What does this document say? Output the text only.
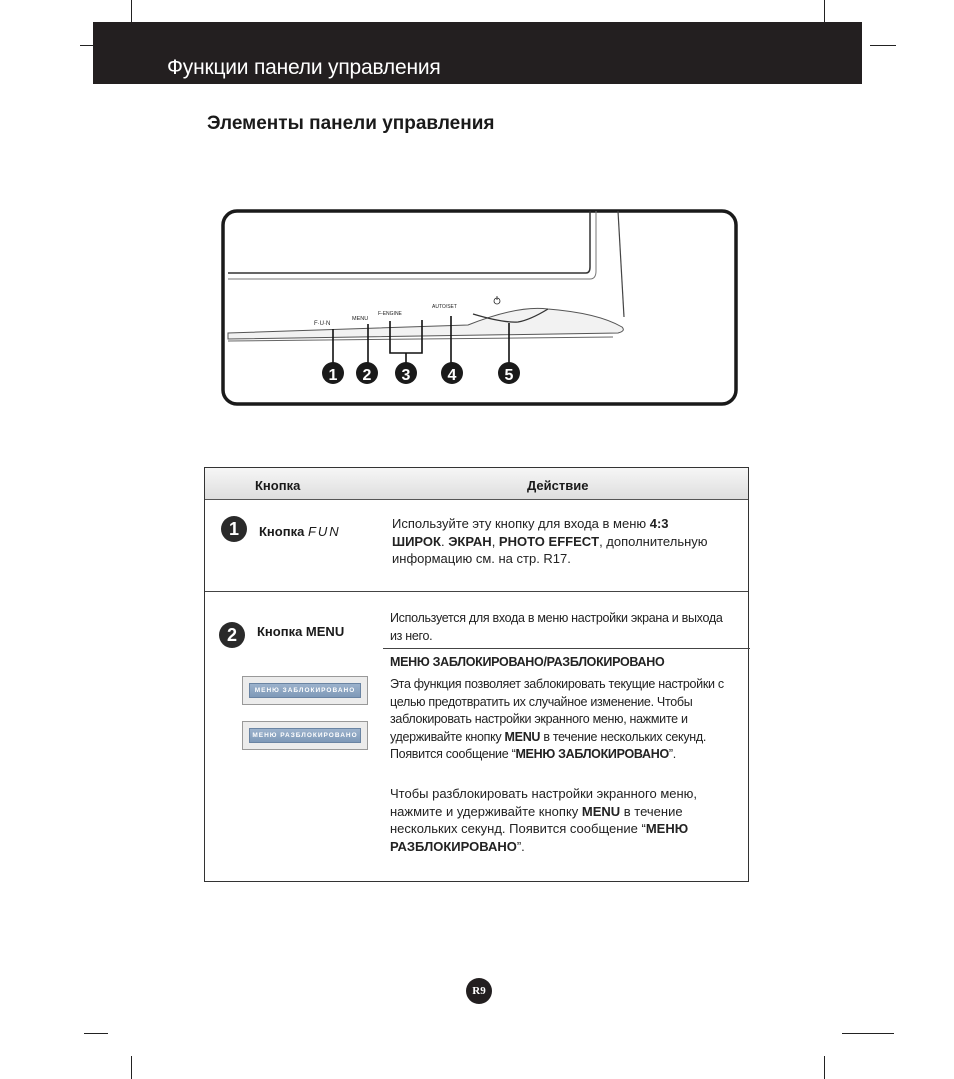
Функции панели управления
Элементы панели управления
F·U·N
MENU
F-ENGINE
AUTO/SET
1 2 3 4	5
Кнопка	Действие
1	Кнопка FUN
Используйте эту кнопку для входа в меню 4:3 ШИРОК. ЭКРАН, PHOTO EFFECT, дополнительную информацию см. на стр. R17.
2	Кнопка MENU
Используется для входа в меню настройки экрана и выхода из него.
МЕНЮ ЗАБЛОКИРОВАНО/РАЗБЛОКИРОВАНО
Эта функция позволяет заблокировать текущие настройки с целью предотвратить их случайное изменение. Чтобы заблокировать настройки экранного меню, нажмите и удерживайте кнопку MENU в течение нескольких секунд. Появится сообщение “МЕНЮ ЗАБЛОКИРОВАНО”.
Чтобы разблокировать настройки экранного меню, нажмите и удерживайте кнопку MENU в течение нескольких секунд. Появится сообщение “МЕНЮ РАЗБЛОКИРОВАНО”.
МЕНЮ ЗАБЛОКИРОВАНО
МЕНЮ РАЗБЛОКИРОВАНО
R9
